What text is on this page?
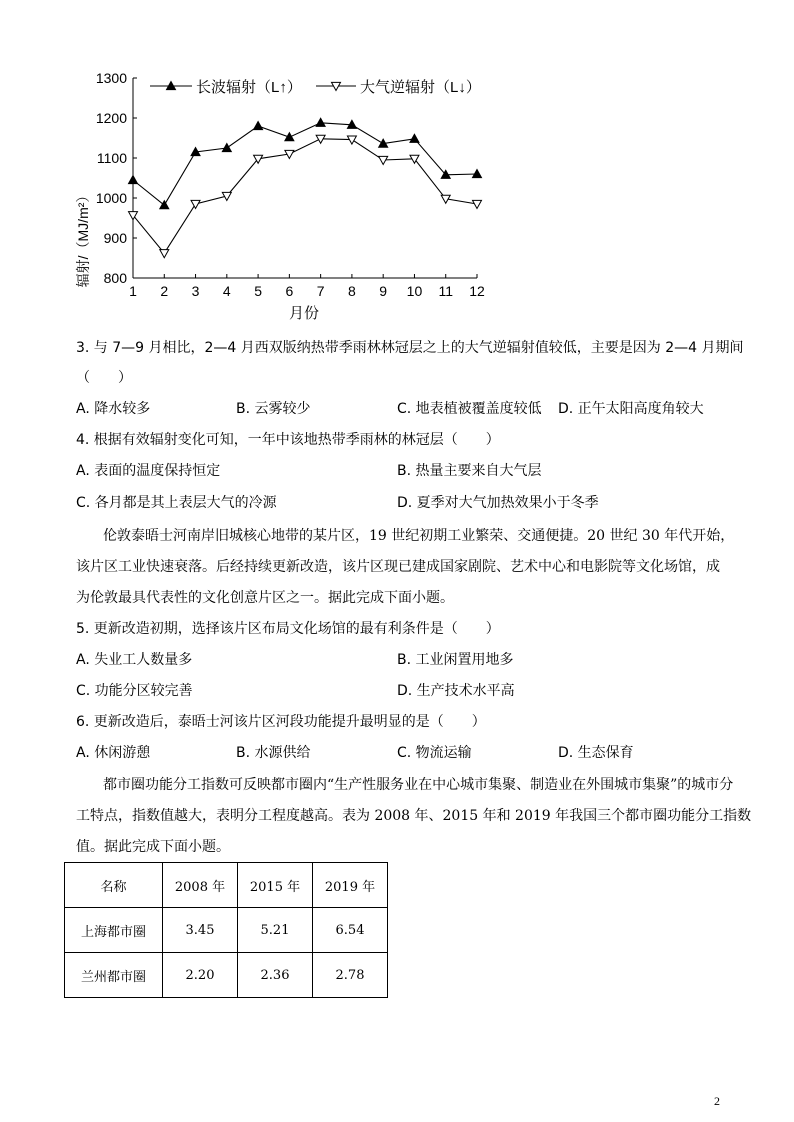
800
900
1000
1100
1200
1300
1 2 3 4 5 6 7 8 9 10 11 12
长波辐射（L↑）	大气逆辐射（L↓）
月份
辐射/（MJ/m²）
3. 与 7—9 月相比，2—4 月西双版纳热带季雨林林冠层之上的大气逆辐射值较低，主要是因为 2—4 月期间
（　　）
A. 降水较多	B. 云雾较少	C. 地表植被覆盖度较低 D. 正午太阳高度角较大
4. 根据有效辐射变化可知，一年中该地热带季雨林的林冠层（　　）
A. 表面的温度保持恒定	B. 热量主要来自大气层
C. 各月都是其上表层大气的冷源	D. 夏季对大气加热效果小于冬季
伦敦泰晤士河南岸旧城核心地带的某片区，19 世纪初期工业繁荣、交通便捷。20 世纪 30 年代开始，
该片区工业快速衰落。后经持续更新改造，该片区现已建成国家剧院、艺术中心和电影院等文化场馆，成
为伦敦最具代表性的文化创意片区之一。据此完成下面小题。
5. 更新改造初期，选择该片区布局文化场馆的最有利条件是（　　）
A. 失业工人数量多	B. 工业闲置用地多
C. 功能分区较完善	D. 生产技术水平高
6. 更新改造后，泰晤士河该片区河段功能提升最明显的是（　　）
A. 休闲游憩	B. 水源供给	C. 物流运输	D. 生态保育
都市圈功能分工指数可反映都市圈内“生产性服务业在中心城市集聚、制造业在外围城市集聚”的城市分
工特点，指数值越大，表明分工程度越高。表为 2008 年、2015 年和 2019 年我国三个都市圈功能分工指数
值。据此完成下面小题。
名称	2008 年	2015 年	2019 年
上海都市圈	3.45	5.21	6.54
兰州都市圈	2.20	2.36	2.78
2
